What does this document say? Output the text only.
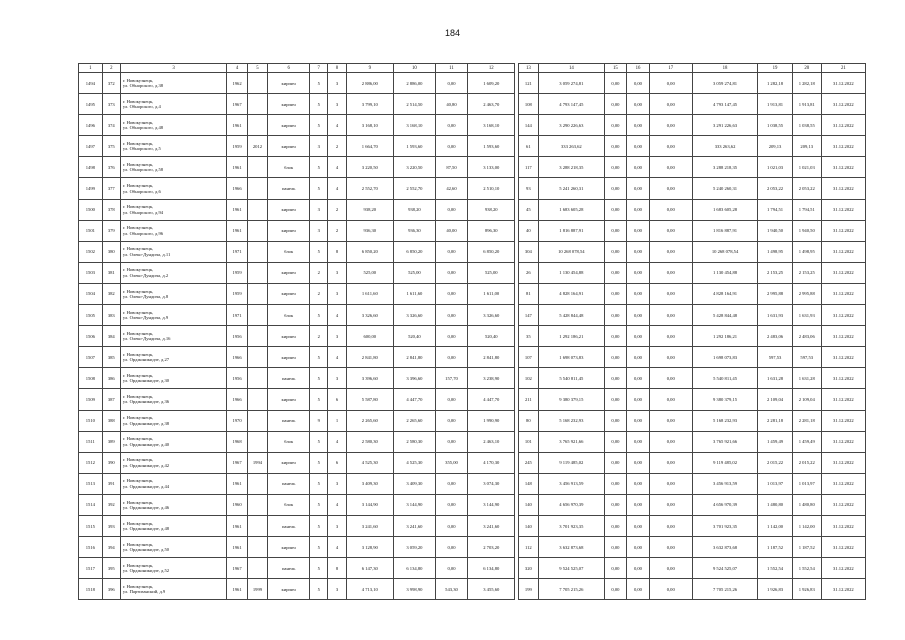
184
1	2	3	4	5	6	7	8	9	10	11	12		13	14	15	16	17	18	19	20	21
1494	372	г. Новокузнецк,
ул. Обнорского, д.38	1962		кирпич	5	3	2 886,00	2 886,00	0,00	1 609,20		121	3 059 274,81	0,00	0,00	0,00	3 059 274,81	1 282,18	1 282,18	31.12.2022
1495	373	г. Новокузнецк,
ул. Обнорского, д.4	1967		кирпич	5	3	3 799,10	2 514,50	40,80	2 463,70		108	4 793 147,45	0,00	0,00	0,00	4 793 147,45	1 913,81	1 913,81	31.12.2022
1496	374	г. Новокузнецк,
ул. Обнорского, д.48	1961		кирпич	5	4	3 168,10	3 168,10	0,00	3 168,10		144	3 290 226,63	0,00	0,00	0,00	3 291 226,63	1 038,55	1 038,55	31.12.2022
1497	375	г. Новокузнецк,
ул. Обнорского, д.5	1959	2012	кирпич	3	2	1 664,70	1 593,60	0,00	1 593,60		61	333 263,62	0,00	0,00	0,00	333 263,62	209,13	209,13	31.12.2022
1498	376	г. Новокузнецк,
ул. Обнорского, д.58	1961		блок	5	4	3 220,50	3 220,50	87,50	3 133,00		117	3 288 218,35	0,00	0,00	0,00	3 288 218,35	1 021,03	1 021,03	31.12.2022
1499	377	г. Новокузнецк,
ул. Обнорского, д.6	1966		панель	5	4	2 552,70	2 552,70	42,60	2 510,10		93	5 241 260,31	0,00	0,00	0,00	5 240 260,31	2 053,22	2 053,22	31.12.2022
1500	378	г. Новокузнецк,
ул. Обнорского, д.94	1961		кирпич	3	2	938,20	938,20	0,00	938,20		45	1 683 605,28	0,00	0,00	0,00	1 683 605,28	1 794,51	1 794,51	31.12.2022
1501	379	г. Новокузнецк,
ул. Обнорского, д.96	1961		кирпич	3	2	936,30	936,30	40,00	896,30		40	1 816 887,91	0,00	0,00	0,00	1 816 887,91	1 940,50	1 940,50	31.12.2022
1502	380	г. Новокузнецк,
ул. Олеко-Дундича, д.11	1971		блок	5	8	6 850,20	6 850,20	0,00	6 850,20		304	10 268 078,54	0,00	0,00	0,00	10 268 078,54	1 498,95	1 498,95	31.12.2022
1503	381	г. Новокузнецк,
ул. Олеко-Дундича, д.2	1959		кирпич	2	3	525,00	525,00	0,00	525,00		26	1 130 454,88	0,00	0,00	0,00	1 130 454,88	2 153,25	2 153,25	31.12.2022
1504	382	г. Новокузнецк,
ул. Олеко-Дундича, д.8	1959		кирпич	2	3	1 611,60	1 611,60	0,00	1 611,00		81	4 828 164,91	0,00	0,00	0,00	4 828 164,91	2 995,88	2 995,88	31.12.2022
1505	383	г. Новокузнецк,
ул. Олеко-Дундича, д.9	1971		блок	5	4	3 326,60	3 326,60	0,00	3 326,60		147	5 428 844,48	0,00	0,00	0,00	5 428 844,48	1 631,93	1 631,93	31.12.2022
1506	384	г. Новокузнецк,
ул. Олеко-Дундича, д.16	1956		кирпич	2	3	600,00	520,40	0,00	520,40		35	1 292 186,21	0,00	0,00	0,00	1 292 186,21	2 483,06	2 483,06	31.12.2022
1507	385	г. Новокузнецк,
ул. Орджоникидзе, д.27	1966		кирпич	5	4	2 841,80	2 841,80	0,00	2 841,80		107	1 698 073,83	0,00	0,00	0,00	1 698 073,83	597,53	597,53	31.12.2022
1508	386	г. Новокузнецк,
ул. Орджоникидзе, д.30	1956		панель	5	3	3 396,60	3 396,60	157,70	3 238,90		102	5 540 811,45	0,00	0,00	0,00	5 540 811,45	1 631,28	1 631,28	31.12.2022
1509	387	г. Новокузнецк,
ул. Орджоникидзе, д.36	1966		кирпич	5	6	5 587,80	4 447,70	0,00	4 447,70		211	9 380 379,15	0,00	0,00	0,00	9 380 379,15	2 109,04	2 109,04	31.12.2022
1510	388	г. Новокузнецк,
ул. Орджоникидзе, д.38	1970		панель	9	1	2 265,60	2 265,60	0,00	1 990,90		80	5 168 232,93	0,00	0,00	0,00	5 168 232,93	2 281,18	2 281,18	31.12.2022
1511	389	г. Новокузнецк,
ул. Орджоникидзе, д.40	1968		блок	5	4	2 580,30	2 580,30	0,00	2 463,10		101	3 765 921,66	0,00	0,00	0,00	3 765 921,66	1 459,49	1 459,49	31.12.2022
1512	390	г. Новокузнецк,
ул. Орджоникидзе, д.42	1967	1994	кирпич	5	6	4 525,30	4 525,30	355,00	4 170,30		245	9 119 485,02	0,00	0,00	0,00	9 119 485,02	2 015,22	2 015,22	31.12.2022
1513	391	г. Новокузнецк,
ул. Орджоникидзе, д.44	1961		панель	5	3	3 409,30	3 409,30	0,00	3 074,30		148	3 456 913,59	0,00	0,00	0,00	3 456 913,59	1 013,97	1 013,97	31.12.2022
1514	392	г. Новокузнецк,
ул. Орджоникидзе, д.46	1960		блок	5	4	3 144,90	3 144,90	0,00	3 144,90		140	4 656 970,39	0,00	0,00	0,00	4 656 970,39	1 480,80	1 480,80	31.12.2022
1515	393	г. Новокузнецк,
ул. Орджоникидзе, д.48	1961		панель	5	3	3 241,60	3 241,60	0,00	3 241,60		140	3 701 923,35	0,00	0,00	0,00	3 701 923,35	1 142,00	1 142,00	31.12.2022
1516	394	г. Новокузнецк,
ул. Орджоникидзе, д.50	1961		кирпич	5	4	3 128,90	3 059,20	0,00	2 703,20		112	3 632 873,68	0,00	0,00	0,00	3 632 873,68	1 187,52	1 187,52	31.12.2022
1517	395	г. Новокузнецк,
ул. Орджоникидзе, д.52	1967		панель	5	8	6 147,30	6 134,80	0,00	6 134,80		320	9 524 525,07	0,00	0,00	0,00	9 524 525,07	1 552,54	1 552,54	31.12.2022
1518	396	г. Новокузнецк,
ул. Партизанский, д.9	1961	1999	кирпич	5	3	4 713,10	3 998,90	543,30	3 455,60		199	7 705 215,26	0,00	0,00	0,00	7 705 215,26	1 926,83	1 926,83	31.12.2022
